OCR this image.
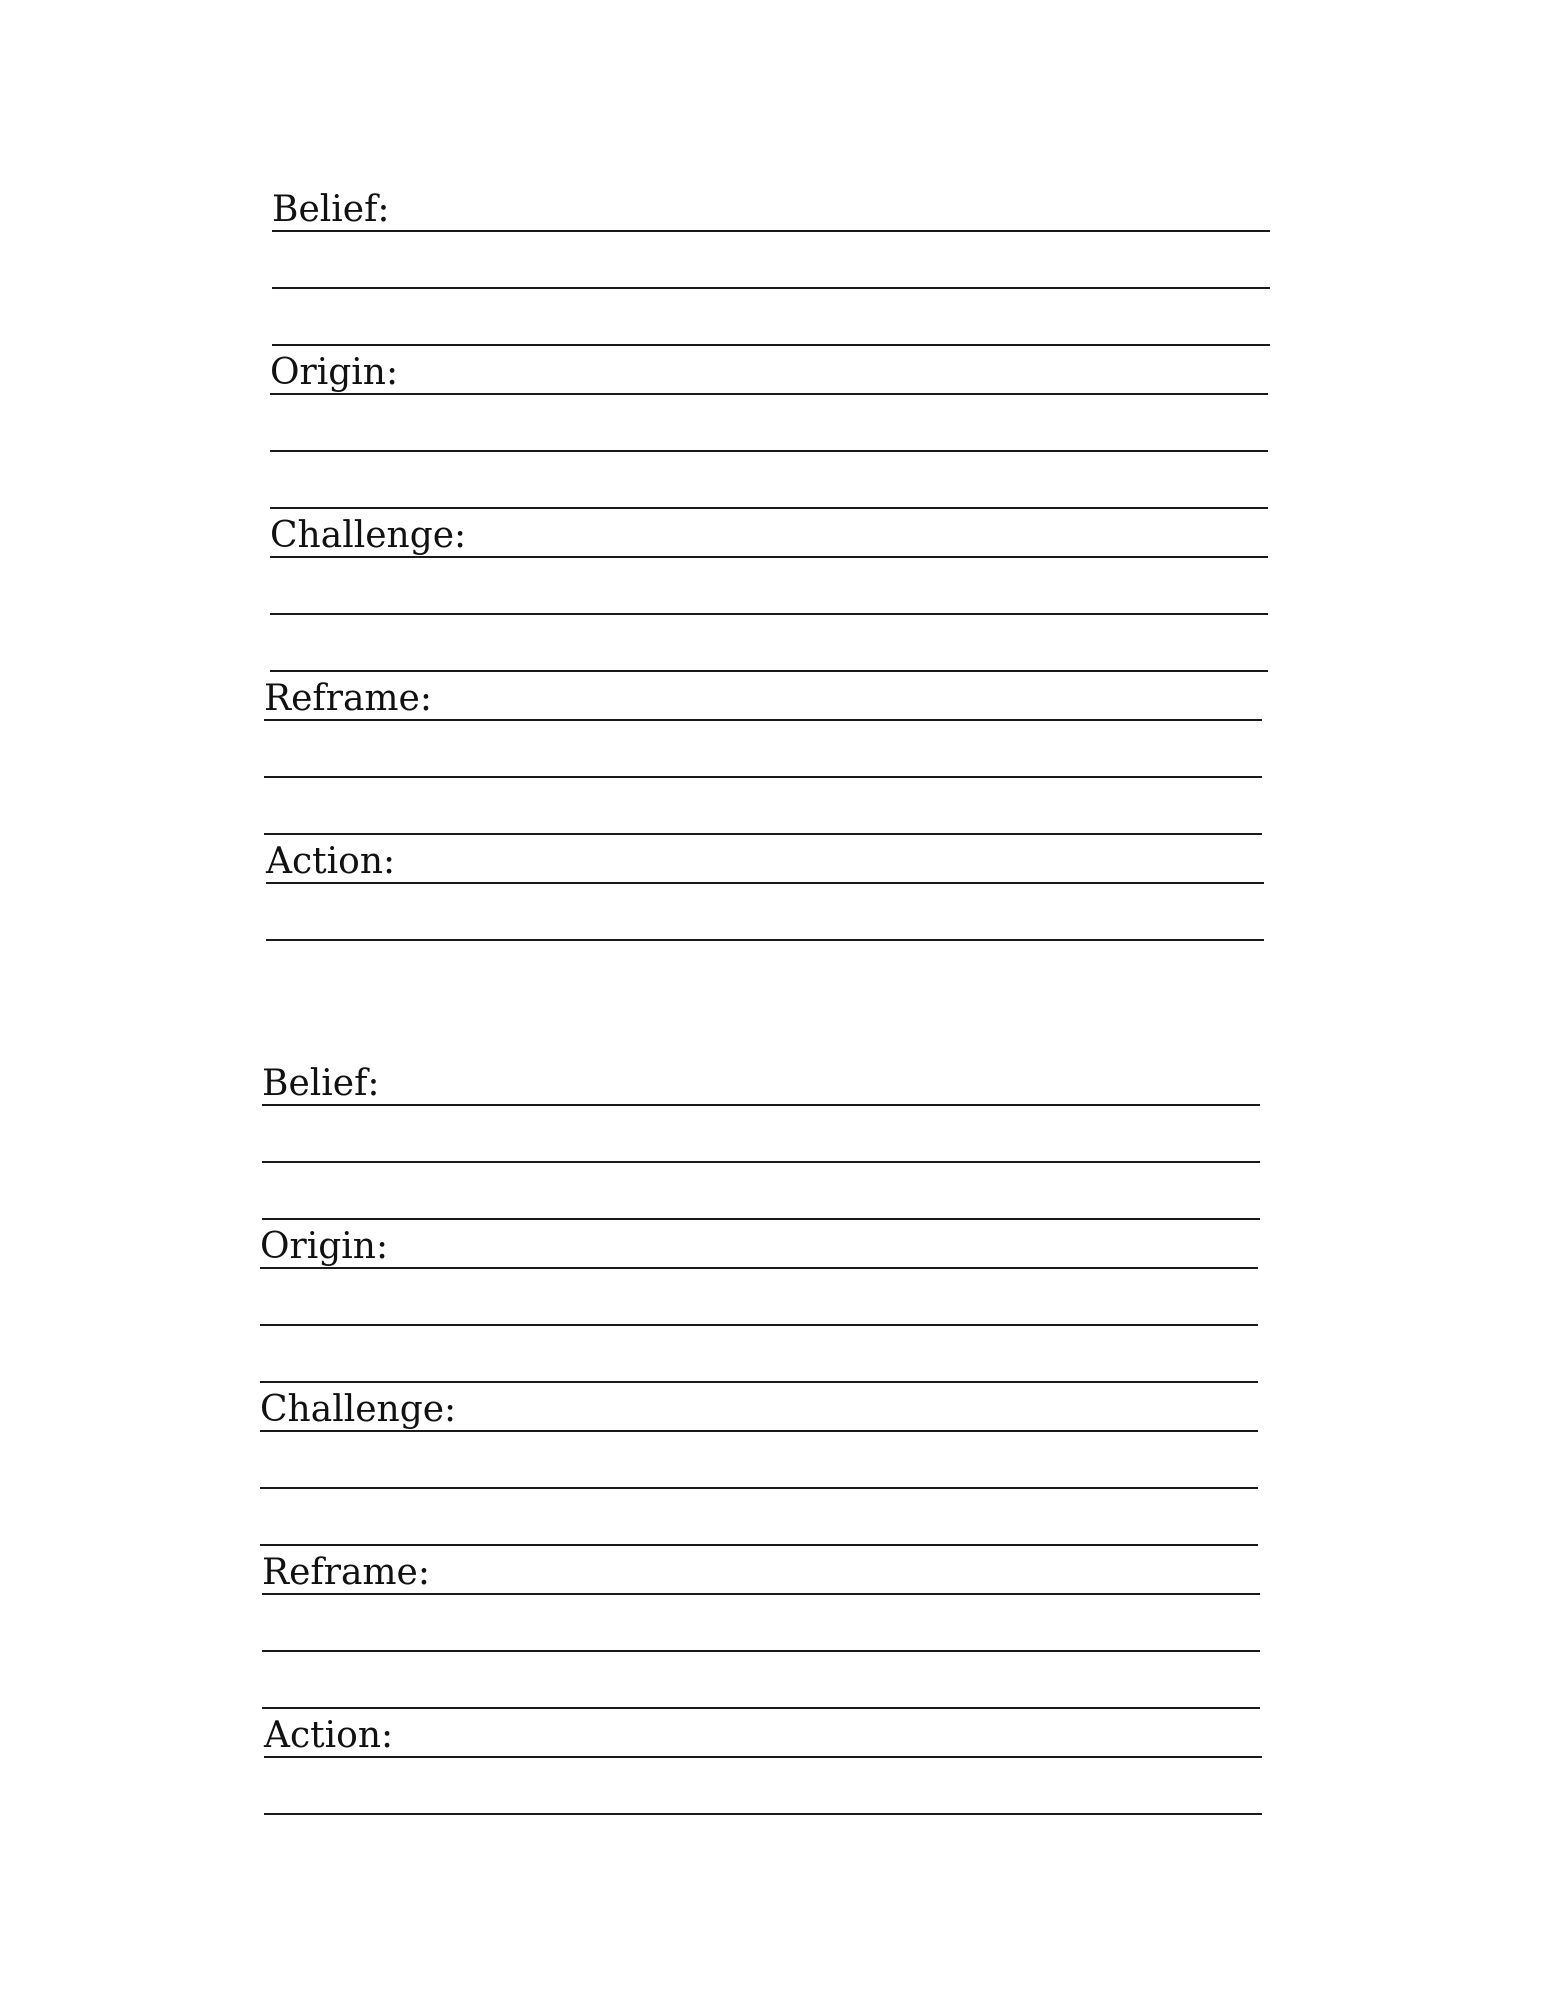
Belief:
Origin:
Challenge:
Reframe:
Action:
Belief:
Origin:
Challenge:
Reframe:
Action:
